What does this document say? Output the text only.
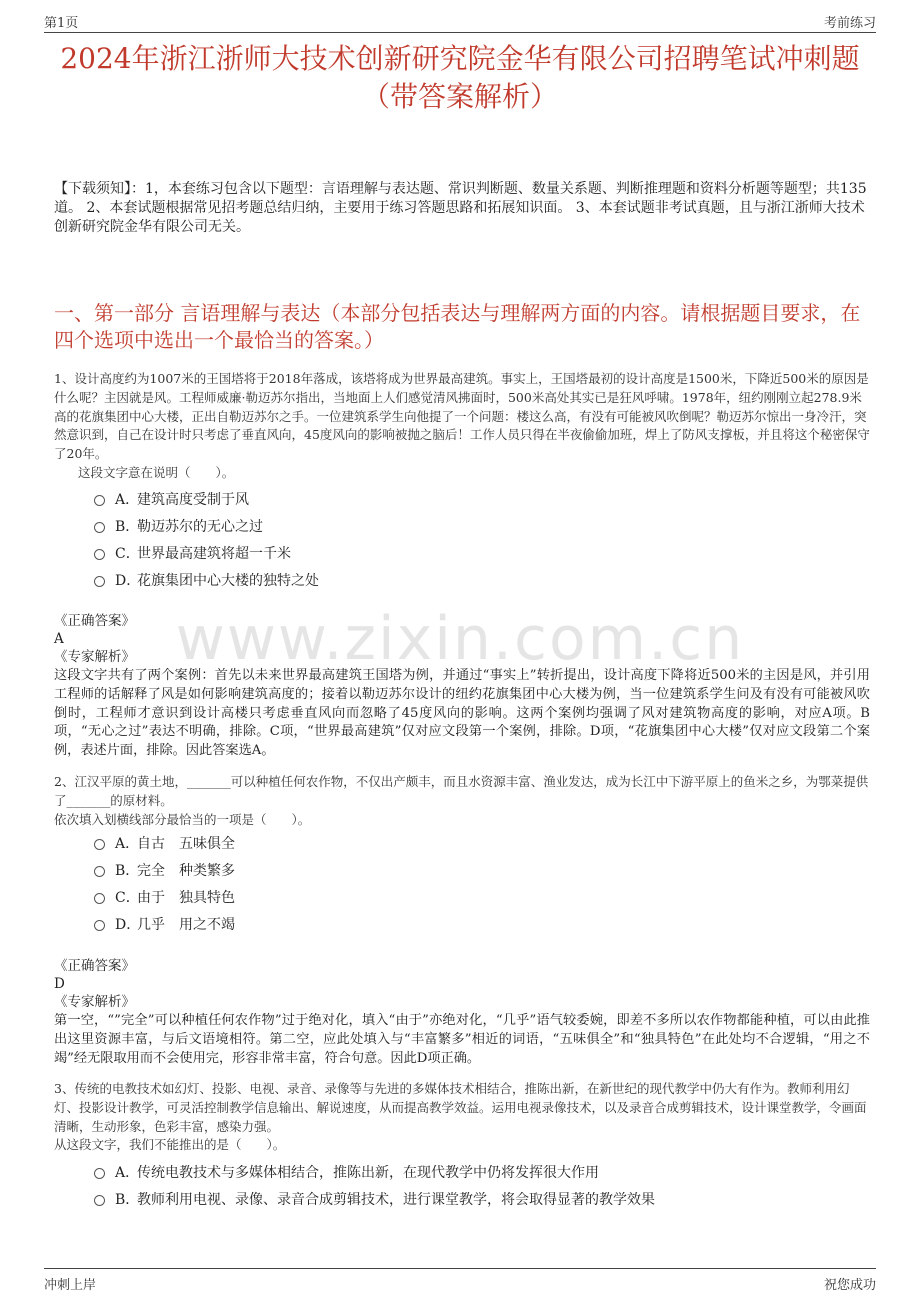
第1页	考前练习
www.zixin.com.cn
2024年浙江浙师大技术创新研究院金华有限公司招聘笔试冲刺题（带答案解析）
【下载须知】：1，本套练习包含以下题型：言语理解与表达题、常识判断题、数量关系题、判断推理题和资料分析题等题型；共135道。 2、本套试题根据常见招考题总结归纳，主要用于练习答题思路和拓展知识面。 3、本套试题非考试真题，且与浙江浙师大技术创新研究院金华有限公司无关。
一、第一部分 言语理解与表达（本部分包括表达与理解两方面的内容。请根据题目要求，在四个选项中选出一个最恰当的答案。）
1、设计高度约为1007米的王国塔将于2018年落成，该塔将成为世界最高建筑。事实上，王国塔最初的设计高度是1500米，下降近500米的原因是什么呢？主因就是风。工程师威廉·勒迈苏尔指出，当地面上人们感觉清风拂面时，500米高处其实已是狂风呼啸。1978年，纽约刚刚立起278.9米高的花旗集团中心大楼，正出自勒迈苏尔之手。一位建筑系学生向他提了一个问题：楼这么高，有没有可能被风吹倒呢？勒迈苏尔惊出一身冷汗，突然意识到，自己在设计时只考虑了垂直风向，45度风向的影响被抛之脑后！工作人员只得在半夜偷偷加班，焊上了防风支撑板，并且将这个秘密保守了20年。
这段文字意在说明（　　）。
A．
建筑高度受制于风
B．
勒迈苏尔的无心之过
C．
世界最高建筑将超一千米
D．
花旗集团中心大楼的独特之处
《正确答案》
A
《专家解析》
这段文字共有了两个案例：首先以未来世界最高建筑王国塔为例，并通过“事实上”转折提出，设计高度下降将近500米的主因是风，并引用工程师的话解释了风是如何影响建筑高度的；接着以勒迈苏尔设计的纽约花旗集团中心大楼为例，当一位建筑系学生问及有没有可能被风吹倒时，工程师才意识到设计高楼只考虑垂直风向而忽略了45度风向的影响。这两个案例均强调了风对建筑物高度的影响，对应A项。B项，“无心之过”表达不明确，排除。C项，“世界最高建筑”仅对应文段第一个案例，排除。D项，“花旗集团中心大楼”仅对应文段第二个案例，表述片面，排除。因此答案选A。
2、江汉平原的黄土地，_______可以种植任何农作物，不仅出产颇丰，而且水资源丰富、渔业发达，成为长江中下游平原上的鱼米之乡，为鄂菜提供了_______的原材料。
依次填入划横线部分最恰当的一项是（　　）。
A．
自古　五味俱全
B．
完全　种类繁多
C．
由于　独具特色
D．
几乎　用之不竭
《正确答案》
D
《专家解析》
第一空，“”完全”可以种植任何农作物”过于绝对化，填入“由于”亦绝对化，“几乎”语气较委婉，即差不多所以农作物都能种植，可以由此推出这里资源丰富，与后文语境相符。第二空，应此处填入与“丰富繁多”相近的词语，“五味俱全”和“独具特色”在此处均不合逻辑，“用之不竭”经无限取用而不会使用完，形容非常丰富，符合句意。因此D项正确。
3、传统的电教技术如幻灯、投影、电视、录音、录像等与先进的多媒体技术相结合，推陈出新，在新世纪的现代教学中仍大有作为。教师利用幻灯、投影设计教学，可灵活控制教学信息输出、解说速度，从而提高教学效益。运用电视录像技术，以及录音合成剪辑技术，设计课堂教学，令画面清晰，生动形象，色彩丰富，感染力强。
从这段文字，我们不能推出的是（　　）。
A．
传统电教技术与多媒体相结合，推陈出新，在现代教学中仍将发挥很大作用
B．
教师利用电视、录像、录音合成剪辑技术，进行课堂教学，将会取得显著的教学效果
冲刺上岸	祝您成功
